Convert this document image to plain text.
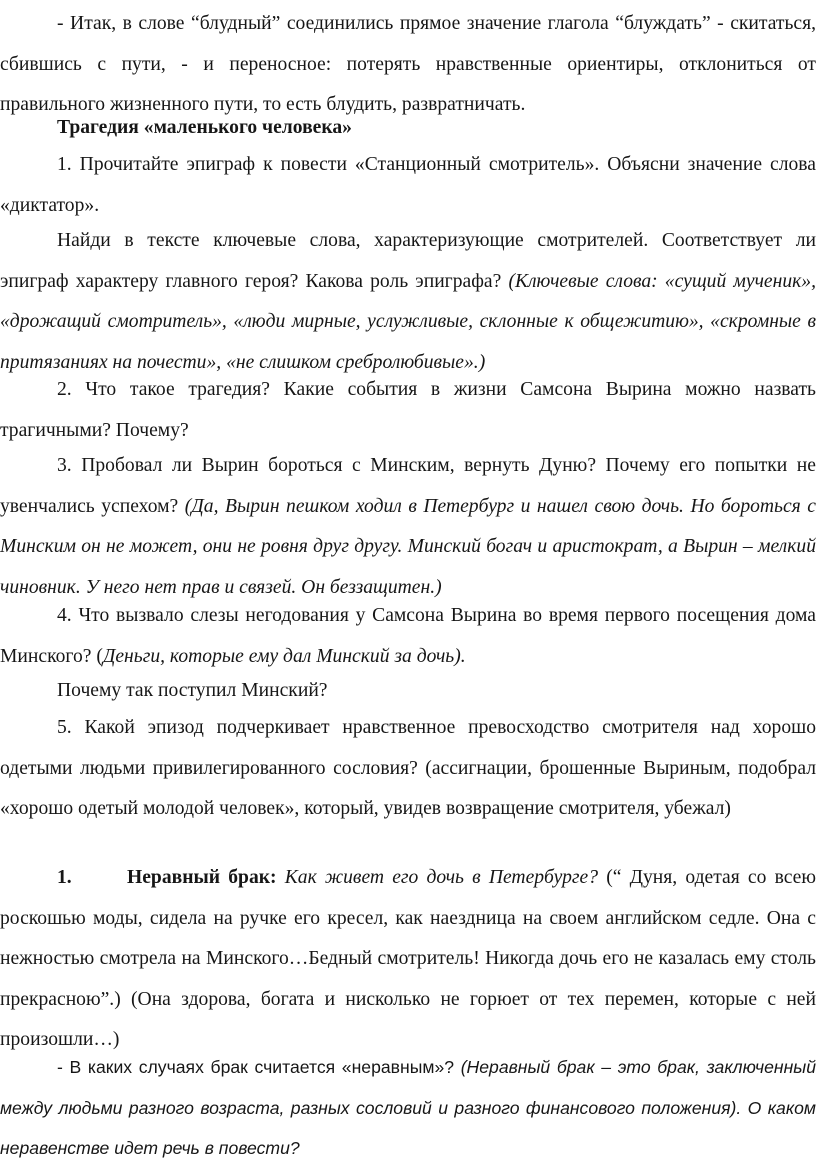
- Итак, в слове “блудный” соединились прямое значение глагола “блуждать” - скитаться, сбившись с пути, - и переносное: потерять нравственные ориентиры, отклониться от правильного жизненного пути, то есть блудить, развратничать.

Трагедия «маленького человека»

1. Прочитайте эпиграф к повести «Станционный смотритель». Объясни значение слова «диктатор».

Найди в тексте ключевые слова, характеризующие смотрителей. Соответствует ли эпиграф характеру главного героя? Какова роль эпиграфа? (Ключевые слова: «сущий мученик», «дрожащий смотритель», «люди мирные, услужливые, склонные к общежитию», «скромные в притязаниях на почести», «не слишком сребролюбивые».)

2. Что такое трагедия? Какие события в жизни Самсона Вырина можно назвать трагичными? Почему?

3. Пробовал ли Вырин бороться с Минским, вернуть Дуню? Почему его попытки не увенчались успехом? (Да, Вырин пешком ходил в Петербург и нашел свою дочь. Но бороться с Минским он не может, они не ровня друг другу. Минский богач и аристократ, а Вырин – мелкий чиновник. У него нет прав и связей. Он беззащитен.)

4. Что вызвало слезы негодования у Самсона Вырина во время первого посещения дома Минского? (Деньги, которые ему дал Минский за дочь).

Почему так поступил Минский?

5. Какой эпизод подчеркивает нравственное превосходство смотрителя над хорошо одетыми людьми привилегированного сословия? (ассигнации, брошенные Выриным, подобрал «хорошо одетый молодой человек», который, увидев возвращение смотрителя, убежал)

1.	Неравный брак: Как живет его дочь в Петербурге? (“ Дуня, одетая со всею роскошью моды, сидела на ручке его кресел, как наездница на своем английском седле. Она с нежностью смотрела на Минского…Бедный смотритель! Никогда дочь его не казалась ему столь прекрасною”.) (Она здорова, богата и нисколько не горюет от тех перемен, которые с ней произошли…)

- В каких случаях брак считается «неравным»? (Неравный брак – это брак, заключенный между людьми разного возраста, разных сословий и разного финансового положения). О каком неравенстве идет речь в повести?
